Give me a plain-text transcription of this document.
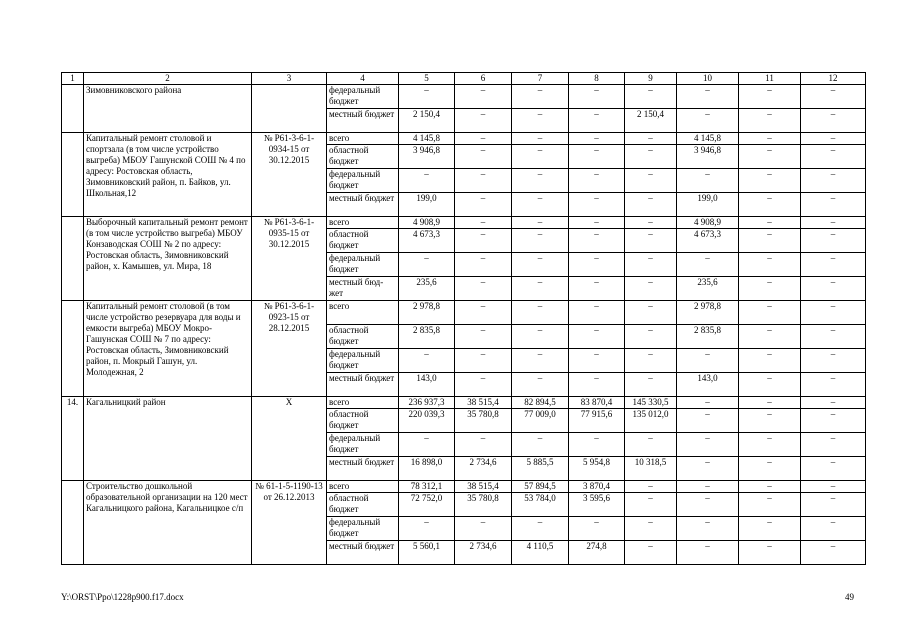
1	2	3	4	5	6	7	8	9	10	11	12
	Зимовниковского района		федеральный бюджет	–	–	–	–	–	–	–	–
			местный бюджет	2 150,4	–	–	–	2 150,4	–	–	–
	Капитальный ремонт столовой и спортзала (в том числе устройство выгреба) МБОУ Гашунской СОШ № 4 по адресу: Ростовская область, Зимовниковский район, п. Байков, ул. Школьная,12	№ Р61-3-6-1-0934-15 от 30.12.2015	всего	4 145,8	–	–	–	–	4 145,8	–	–
			областной бюджет	3 946,8	–	–	–	–	3 946,8	–	–
			федеральный бюджет	–	–	–	–	–	–	–	–
			местный бюджет	199,0	–	–	–	–	199,0	–	–
	Выборочный капитальный ремонт ремонт (в том числе устройство выгреба) МБОУ Конзаводская СОШ № 2 по адресу: Ростовская область, Зимовниковский район, х. Камышев, ул. Мира, 18	№ Р61-3-6-1-0935-15 от 30.12.2015	всего	4 908,9	–	–	–	–	4 908,9	–	–
			областной бюджет	4 673,3	–	–	–	–	4 673,3	–	–
			федеральный бюджет	–	–	–	–	–	–	–	–
			местный бюд-жет	235,6	–	–	–	–	235,6	–	–
	Капитальный ремонт столовой (в том числе устройство резервуара для воды и емкости выгреба) МБОУ Мокро-Гашунская СОШ № 7 по адресу: Ростовская область, Зимовниковский район, п. Мокрый Гашун, ул. Молодежная, 2	№ Р61-3-6-1-0923-15 от 28.12.2015	всего	2 978,8	–	–	–	–	2 978,8	–	–
			областной бюджет	2 835,8	–	–	–	–	2 835,8	–	–
			федеральный бюджет	–	–	–	–	–	–	–	–
			местный бюджет	143,0	–	–	–	–	143,0	–	–
14.	Кагальницкий район	Х	всего	236 937,3	38 515,4	82 894,5	83 870,4	145 330,5	–	–	–
			областной бюджет	220 039,3	35 780,8	77 009,0	77 915,6	135 012,0	–	–	–
			федеральный бюджет	–	–	–	–	–	–	–	–
			местный бюджет	16 898,0	2 734,6	5 885,5	5 954,8	10 318,5	–	–	–
	Строительство дошкольной образовательной организации на 120 мест Кагальницкого района, Кагальницкое с/п	№ 61-1-5-1190-13 от 26.12.2013	всего	78 312,1	38 515,4	57 894,5	3 870,4	–	–	–	–
			областной бюджет	72 752,0	35 780,8	53 784,0	3 595,6	–	–	–	–
			федеральный бюджет	–	–	–	–	–	–	–	–
			местный бюджет	5 560,1	2 734,6	4 110,5	274,8	–	–	–	–
Y:\ORST\Ppo\1228p900.f17.docx	49
